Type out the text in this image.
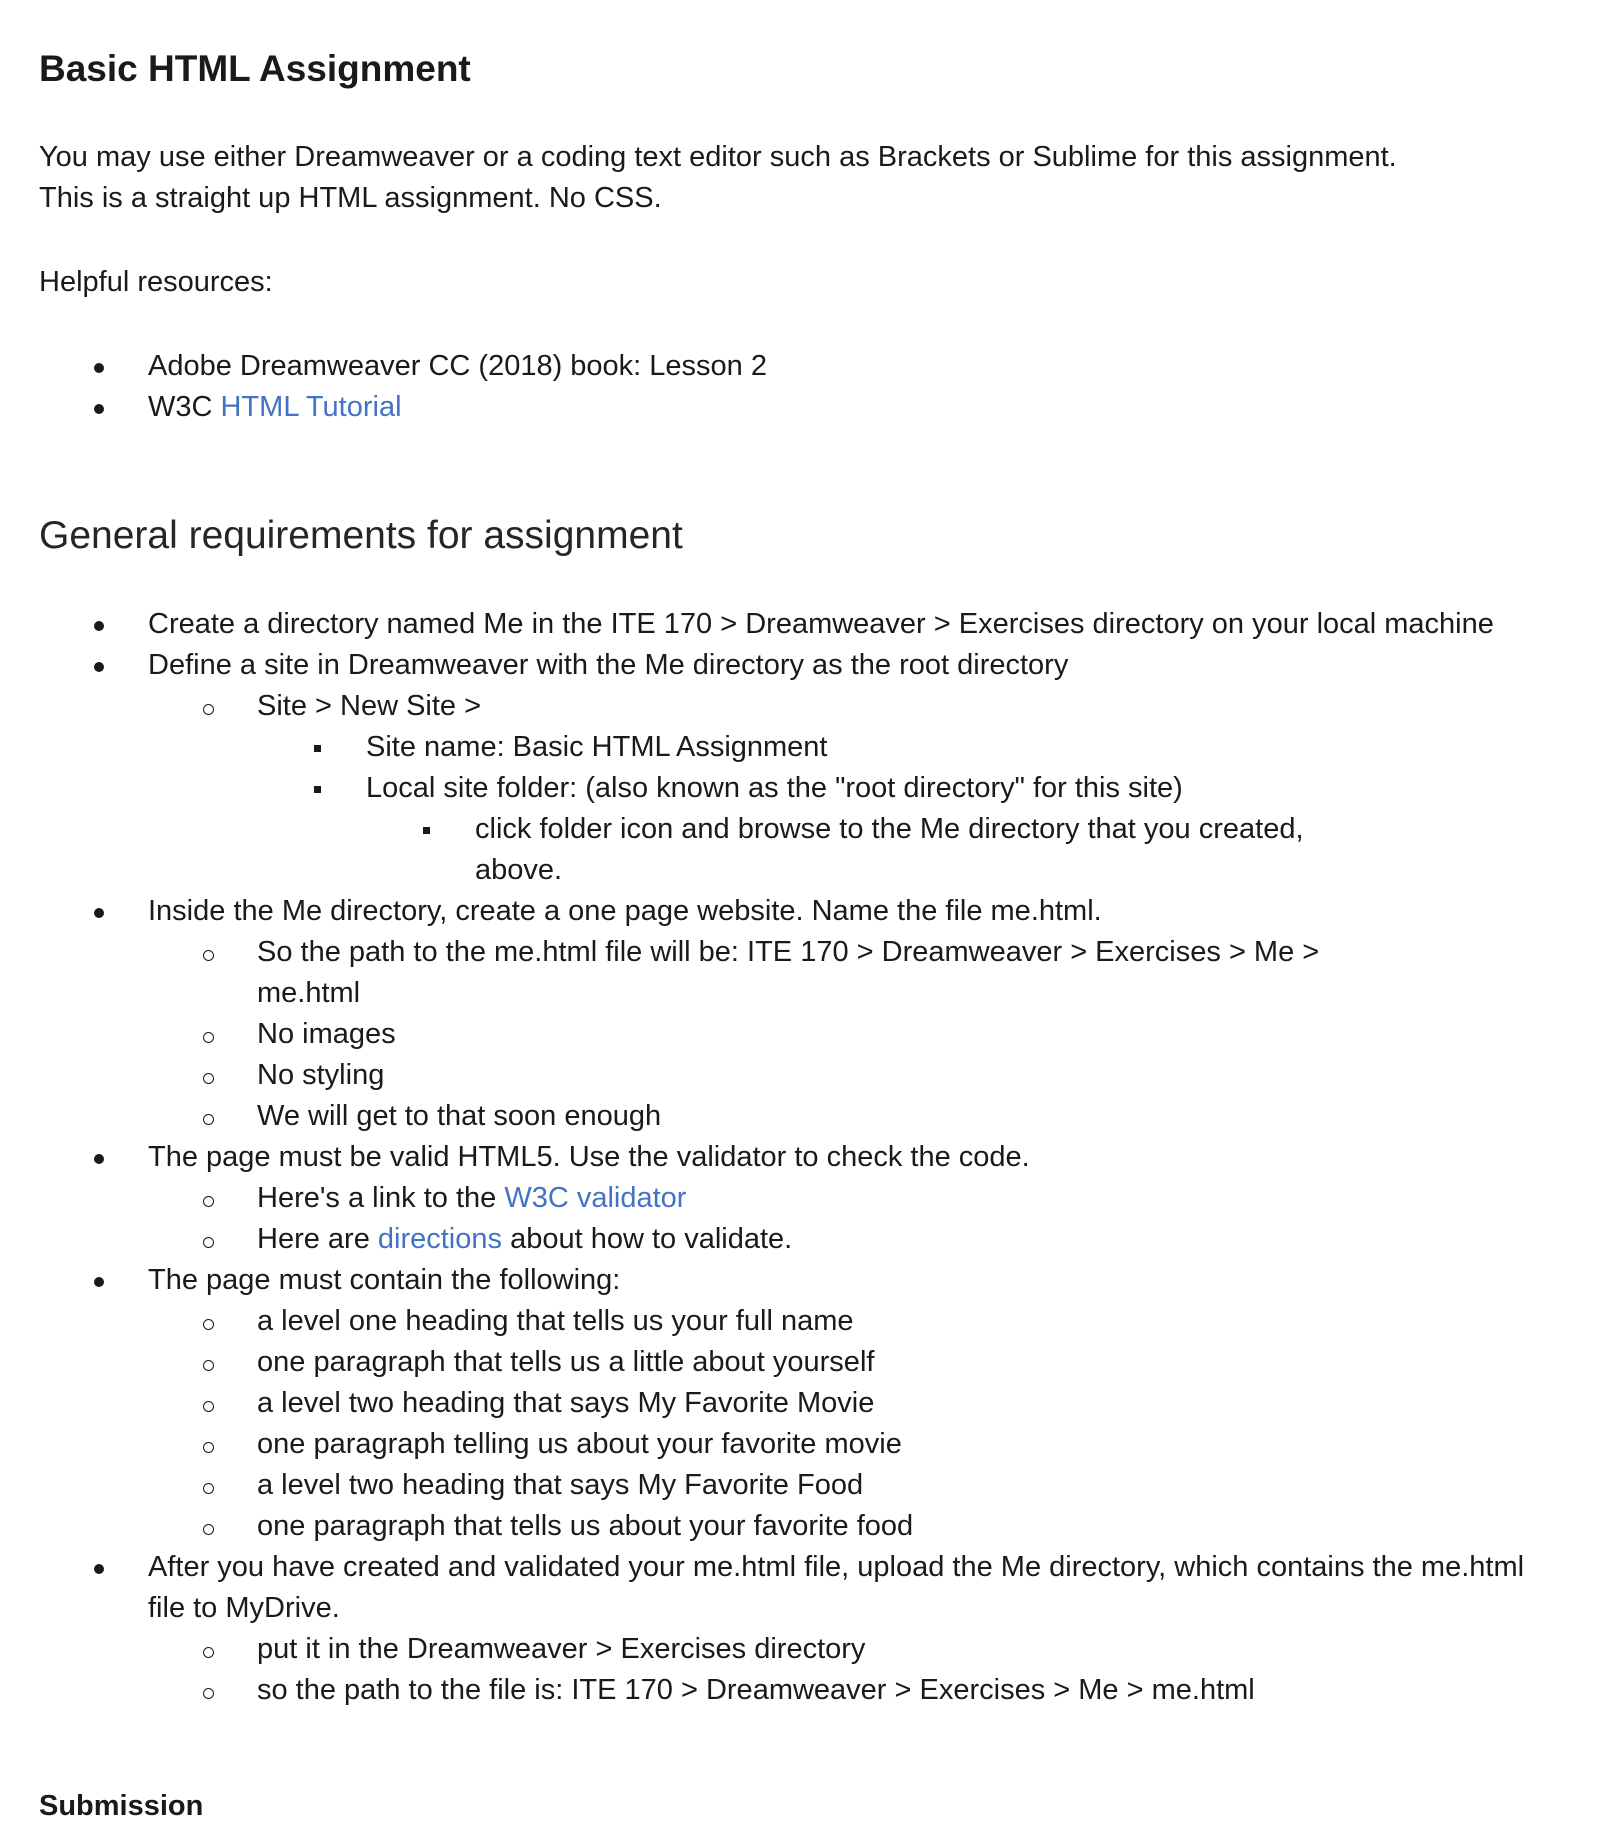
Basic HTML Assignment

You may use either Dreamweaver or a coding text editor such as Brackets or Sublime for this assignment. This is a straight up HTML assignment. No CSS.

Helpful resources:

Adobe Dreamweaver CC (2018) book: Lesson 2
W3C HTML Tutorial
General requirements for assignment
Create a directory named Me in the ITE 170 > Dreamweaver > Exercises directory on your local machine
Define a site in Dreamweaver with the Me directory as the root directory
Site > New Site >
Site name: Basic HTML Assignment
Local site folder: (also known as the "root directory" for this site)
click folder icon and browse to the Me directory that you created, above.
Inside the Me directory, create a one page website. Name the file me.html.
So the path to the me.html file will be: ITE 170 > Dreamweaver > Exercises > Me > me.html
No images
No styling
We will get to that soon enough
The page must be valid HTML5. Use the validator to check the code.
Here's a link to the W3C validator
Here are directions about how to validate.
The page must contain the following:
a level one heading that tells us your full name
one paragraph that tells us a little about yourself
a level two heading that says My Favorite Movie
one paragraph telling us about your favorite movie
a level two heading that says My Favorite Food
one paragraph that tells us about your favorite food
After you have created and validated your me.html file, upload the Me directory, which contains the me.html file to MyDrive.
put it in the Dreamweaver > Exercises directory
so the path to the file is: ITE 170 > Dreamweaver > Exercises > Me > me.html
Submission
